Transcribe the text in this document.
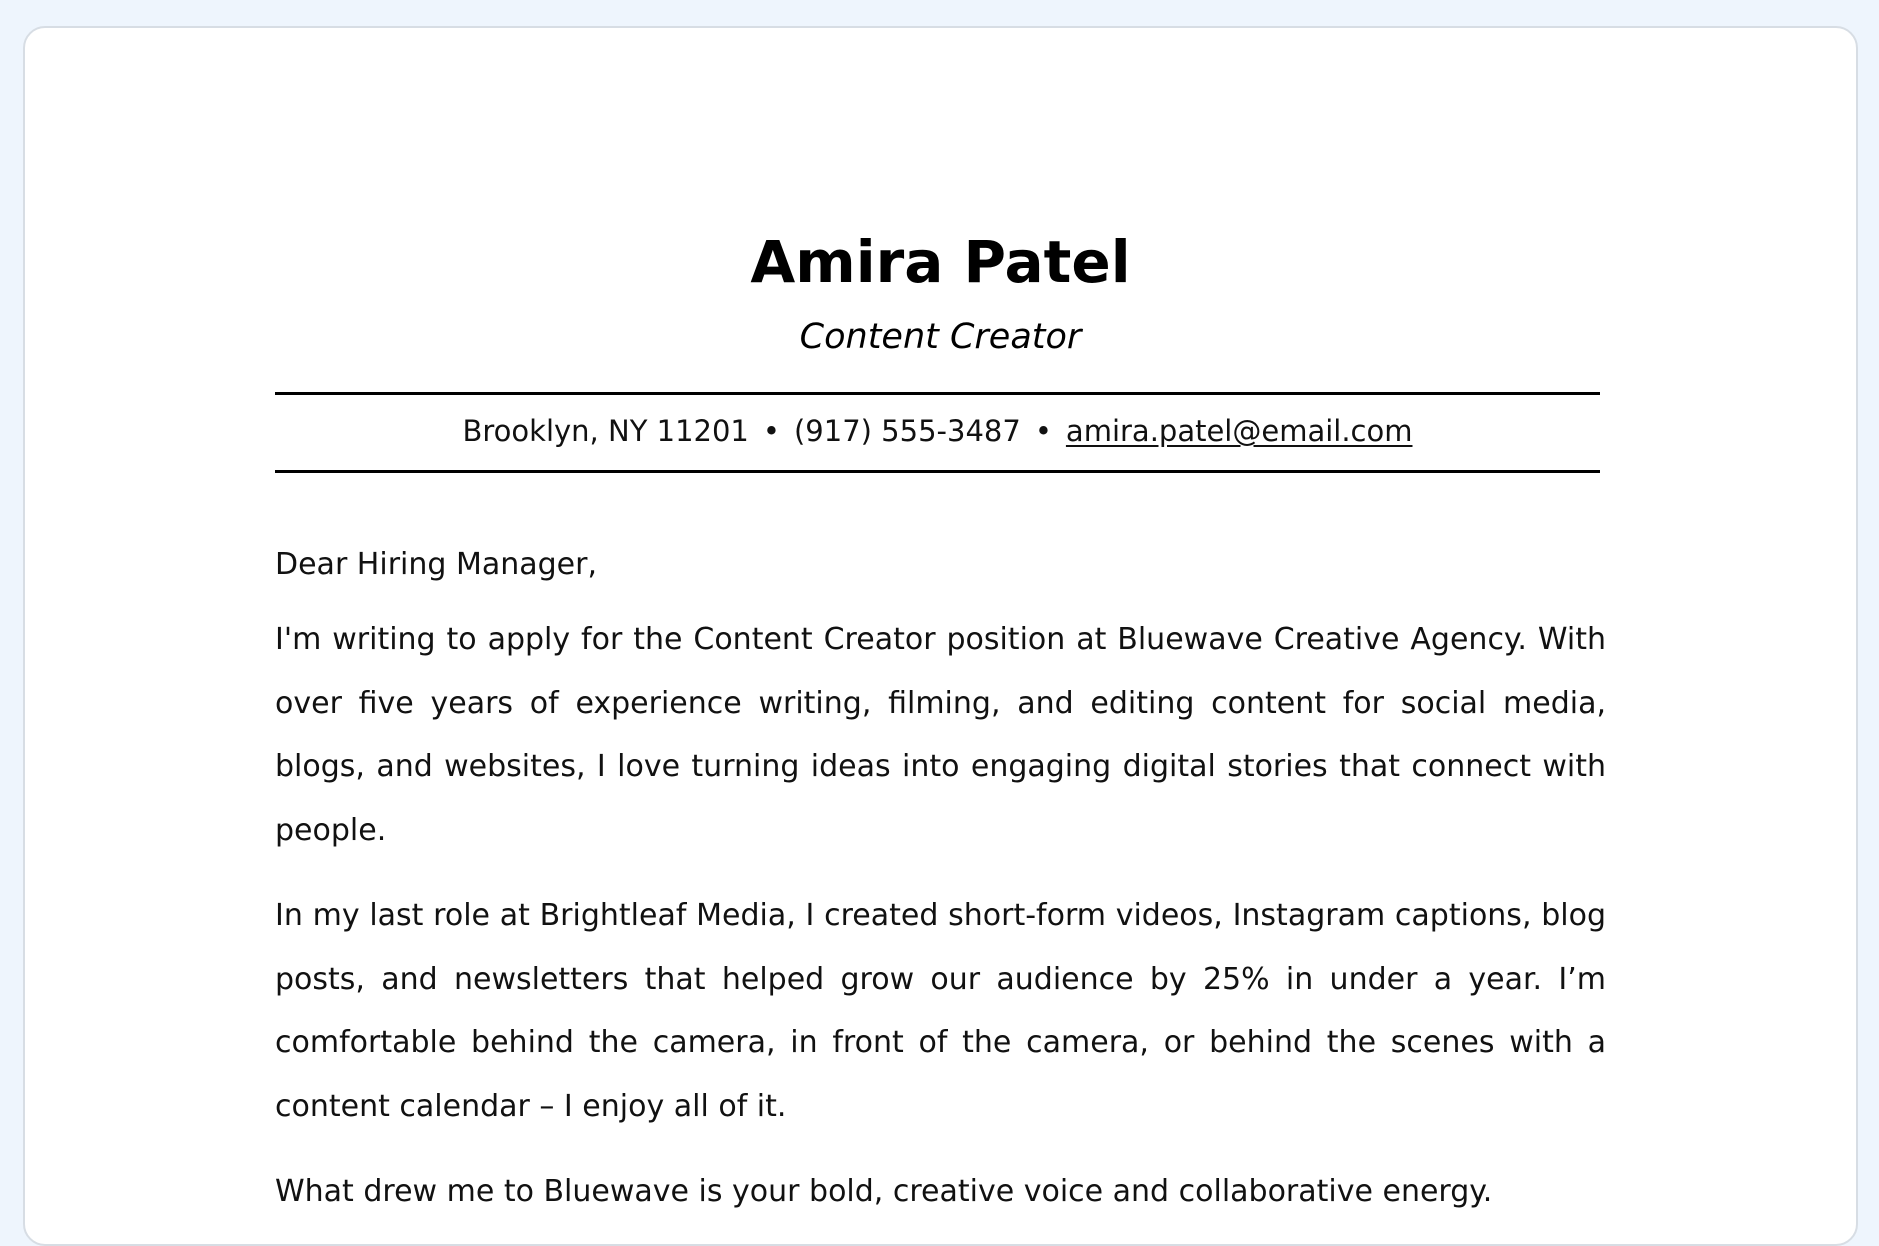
Amira Patel
Content Creator
Brooklyn, NY 11201 • (917) 555-3487 • amira.patel@email.com

Dear Hiring Manager,

I'm writing to apply for the Content Creator position at Bluewave Creative Agency. With over five years of experience writing, filming, and editing content for social media, blogs, and websites, I love turning ideas into engaging digital stories that connect with people.

In my last role at Brightleaf Media, I created short-form videos, Instagram captions, blog posts, and newsletters that helped grow our audience by 25% in under a year. I’m comfortable behind the camera, in front of the camera, or behind the scenes with a content calendar – I enjoy all of it.

What drew me to Bluewave is your bold, creative voice and collaborative energy.
